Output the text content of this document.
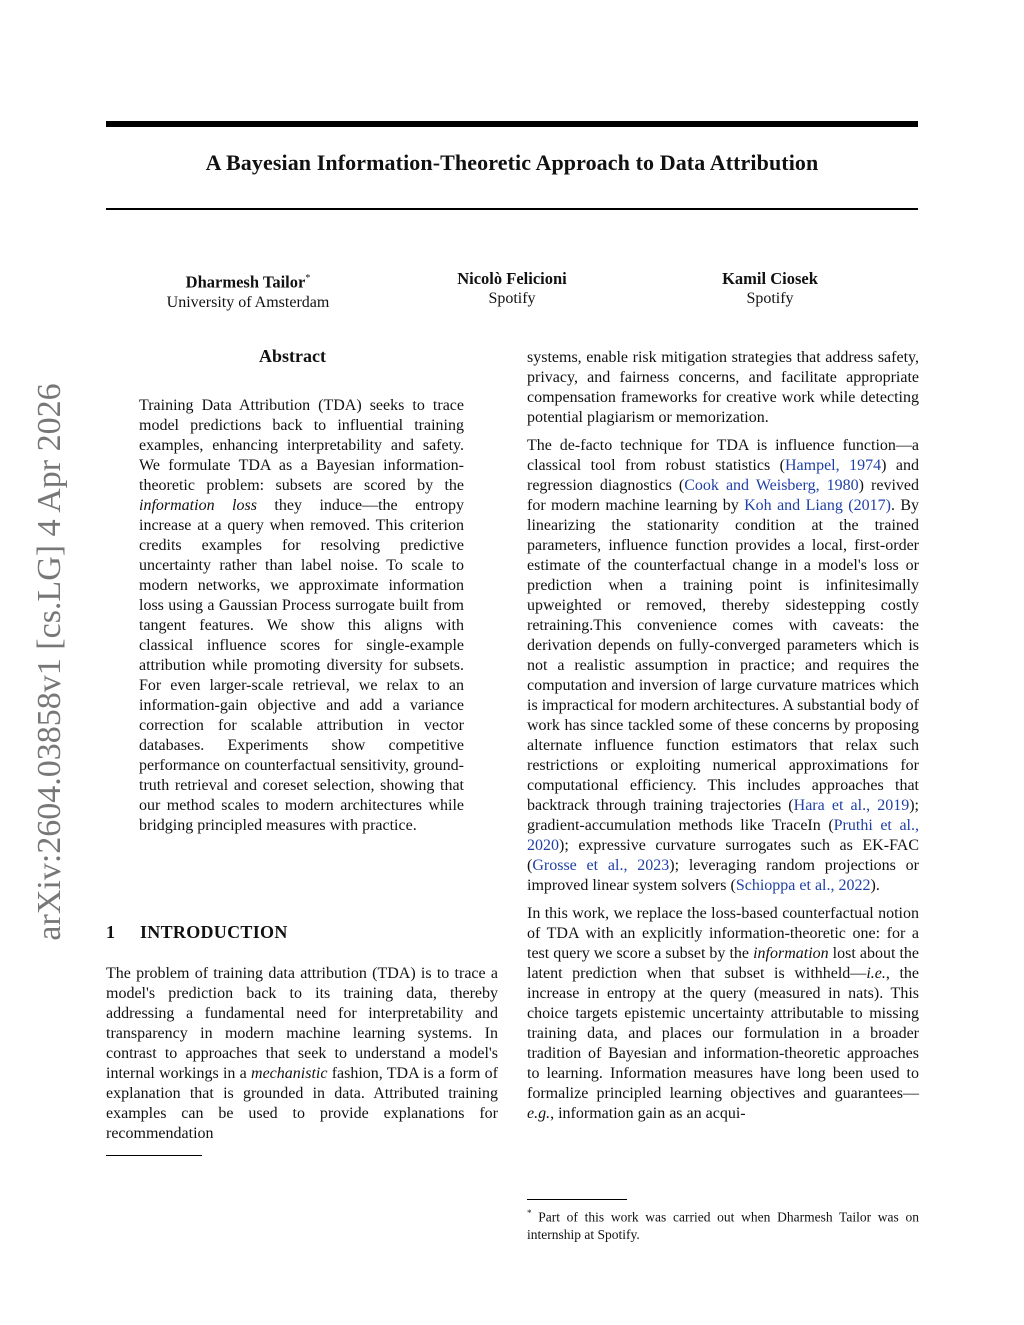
A Bayesian Information-Theoretic Approach to Data Attribution
arXiv:2604.03858v1 [cs.LG] 4 Apr 2026
Dharmesh Tailor*
University of Amsterdam
Nicolò Felicioni
Spotify
Kamil Ciosek
Spotify
Abstract
Training Data Attribution (TDA) seeks to trace model predictions back to influential training examples, enhancing interpretability and safety. We formulate TDA as a Bayesian information-theoretic problem: subsets are scored by the information loss they induce—the entropy increase at a query when removed. This criterion credits examples for resolving predictive uncertainty rather than label noise. To scale to modern networks, we approximate information loss using a Gaussian Process surrogate built from tangent features. We show this aligns with classical influence scores for single-example attribution while promoting diversity for subsets. For even larger-scale retrieval, we relax to an information-gain objective and add a variance correction for scalable attribution in vector databases. Experiments show competitive performance on counterfactual sensitivity, ground-truth retrieval and coreset selection, showing that our method scales to modern architectures while bridging principled measures with practice.
1 INTRODUCTION
The problem of training data attribution (TDA) is to trace a model's prediction back to its training data, thereby addressing a fundamental need for interpretability and transparency in modern machine learning systems. In contrast to approaches that seek to understand a model's internal workings in a mechanistic fashion, TDA is a form of explanation that is grounded in data. Attributed training examples can be used to provide explanations for recommendation

systems, enable risk mitigation strategies that address safety, privacy, and fairness concerns, and facilitate appropriate compensation frameworks for creative work while detecting potential plagiarism or memorization.

The de-facto technique for TDA is influence function—a classical tool from robust statistics (Hampel, 1974) and regression diagnostics (Cook and Weisberg, 1980) revived for modern machine learning by Koh and Liang (2017). By linearizing the stationarity condition at the trained parameters, influence function provides a local, first-order estimate of the counterfactual change in a model's loss or prediction when a training point is infinitesimally upweighted or removed, thereby sidestepping costly retraining.This convenience comes with caveats: the derivation depends on fully-converged parameters which is not a realistic assumption in practice; and requires the computation and inversion of large curvature matrices which is impractical for modern architectures. A substantial body of work has since tackled some of these concerns by proposing alternate influence function estimators that relax such restrictions or exploiting numerical approximations for computational efficiency. This includes approaches that backtrack through training trajectories (Hara et al., 2019); gradient-accumulation methods like TraceIn (Pruthi et al., 2020); expressive curvature surrogates such as EK-FAC (Grosse et al., 2023); leveraging random projections or improved linear system solvers (Schioppa et al., 2022).

In this work, we replace the loss-based counterfactual notion of TDA with an explicitly information-theoretic one: for a test query we score a subset by the information lost about the latent prediction when that subset is withheld—i.e., the increase in entropy at the query (measured in nats). This choice targets epistemic uncertainty attributable to missing training data, and places our formulation in a broader tradition of Bayesian and information-theoretic approaches to learning. Information measures have long been used to formalize principled learning objectives and guarantees—e.g., information gain as an acqui-

* Part of this work was carried out when Dharmesh Tailor was on internship at Spotify.
